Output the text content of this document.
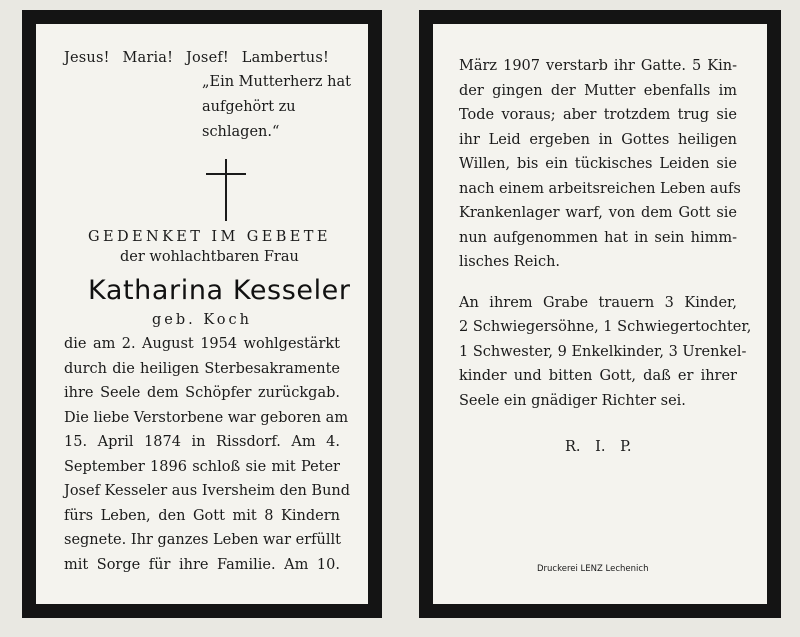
Jesus! Maria! Josef! Lambertus!
„Ein Mutterherz hat
aufgehört zu schlagen.“
GEDENKET IM GEBETE
der wohlachtbaren Frau
Katharina Kesseler
geb. Koch
die am 2. August 1954 wohlgestärkt
durch die heiligen Sterbesakramente
ihre Seele dem Schöpfer zurückgab.
Die liebe Verstorbene war geboren am
15. April 1874 in Rissdorf. Am 4.
September 1896 schloß sie mit Peter
Josef Kesseler aus Iversheim den Bund
fürs Leben, den Gott mit 8 Kindern
segnete. Ihr ganzes Leben war erfüllt
mit Sorge für ihre Familie. Am 10.
März 1907 verstarb ihr Gatte. 5 Kin-
der gingen der Mutter ebenfalls im
Tode voraus; aber trotzdem trug sie
ihr Leid ergeben in Gottes heiligen
Willen, bis ein tückisches Leiden sie
nach einem arbeitsreichen Leben aufs
Krankenlager warf, von dem Gott sie
nun aufgenommen hat in sein himm-
lisches Reich.
An ihrem Grabe trauern 3 Kinder,
2 Schwiegersöhne, 1 Schwiegertochter,
1 Schwester, 9 Enkelkinder, 3 Urenkel-
kinder und bitten Gott, daß er ihrer
Seele ein gnädiger Richter sei.
R. I. P.
Druckerei LENZ Lechenich
